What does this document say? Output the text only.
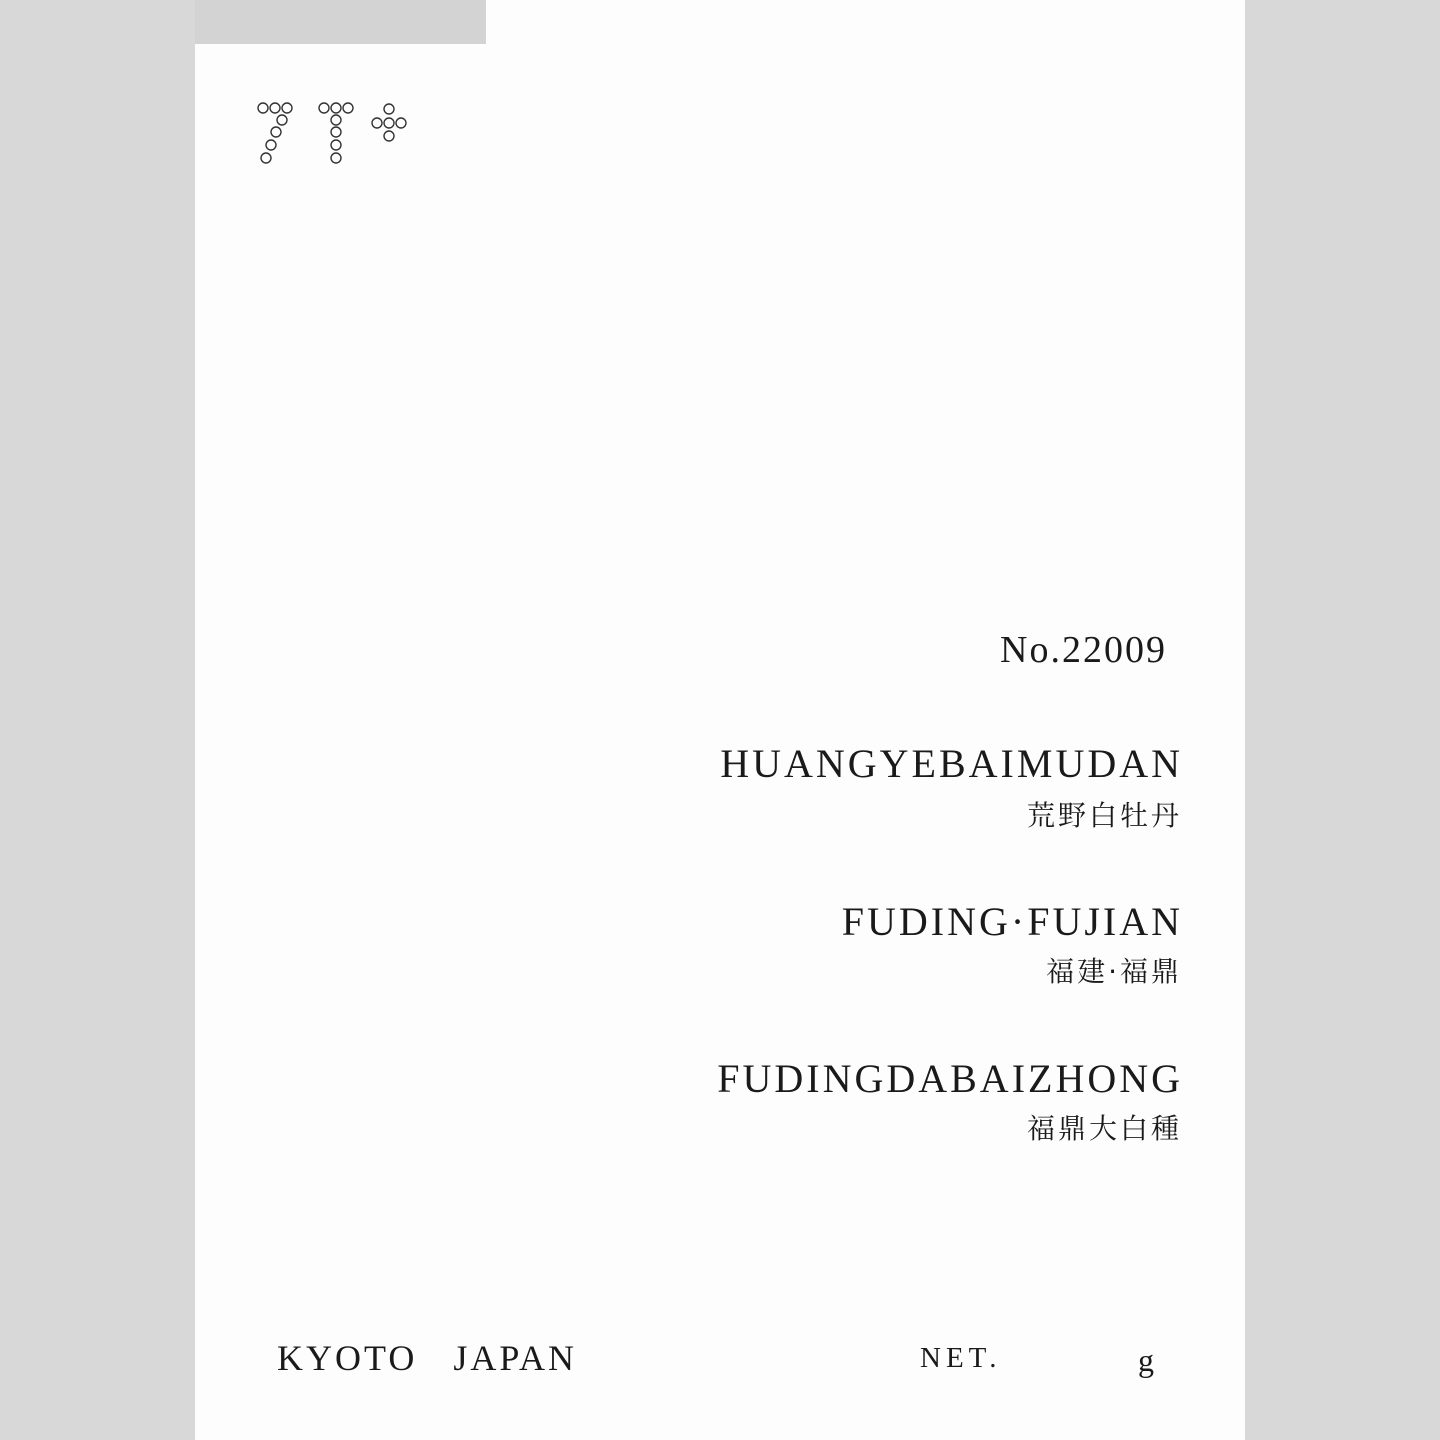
No.22009
HUANGYEBAIMUDAN
荒野白牡丹
FUDING·FUJIAN
福建·福鼎
FUDINGDABAIZHONG
福鼎大白種
KYOTO   JAPAN	NET.	g
